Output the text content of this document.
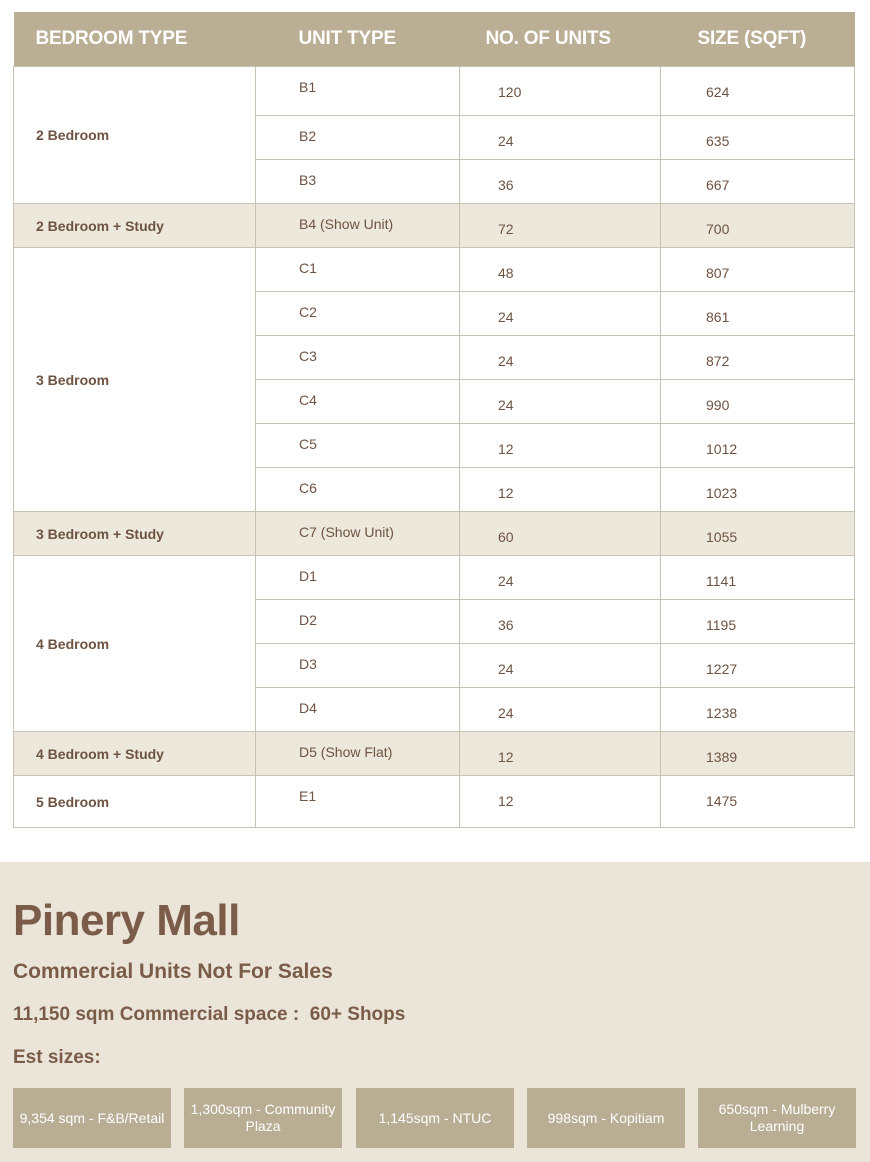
BEDROOM TYPE	UNIT TYPE	NO. OF UNITS	SIZE (SQFT)
2 Bedroom	B1	120	624
	B2	24	635
	B3	36	667
2 Bedroom + Study	B4 (Show Unit)	72	700
3 Bedroom	C1	48	807
	C2	24	861
	C3	24	872
	C4	24	990
	C5	12	1012
	C6	12	1023
3 Bedroom + Study	C7 (Show Unit)	60	1055
4 Bedroom	D1	24	1141
	D2	36	1195
	D3	24	1227
	D4	24	1238
4 Bedroom + Study	D5 (Show Flat)	12	1389
5 Bedroom	E1	12	1475
Pinery Mall
Commercial Units Not For Sales
11,150 sqm Commercial space :  60+ Shops
Est sizes:
9,354 sqm - F&B/Retail
1,300sqm - Community Plaza
1,145sqm - NTUC	998sqm - Kopitiam
650sqm - Mulberry Learning
